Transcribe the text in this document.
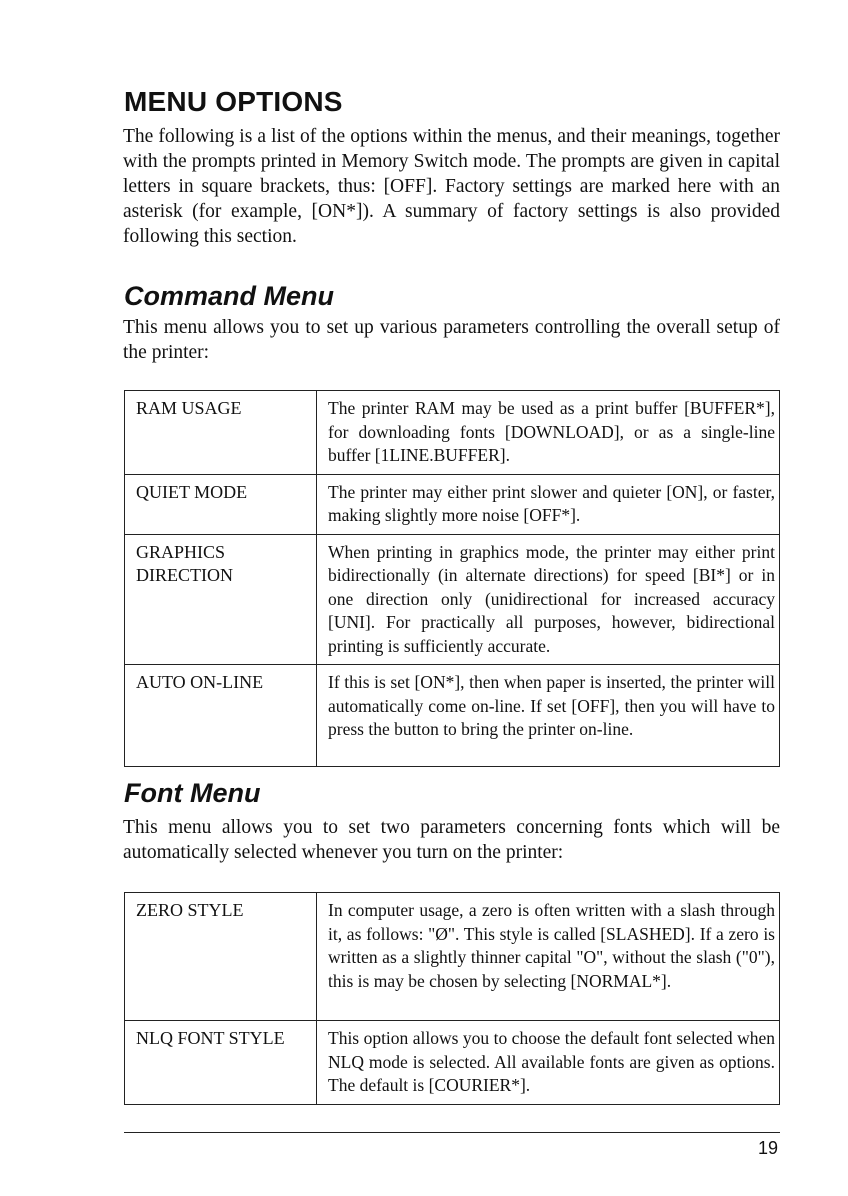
MENU OPTIONS

The following is a list of the options within the menus, and their meanings, together with the prompts printed in Memory Switch mode. The prompts are given in capital letters in square brackets, thus: [OFF]. Factory settings are marked here with an asterisk (for example, [ON*]). A summary of factory settings is also provided following this section.

Command Menu

This menu allows you to set up various parameters controlling the overall setup of the printer:

RAM USAGE	The printer RAM may be used as a print buffer [BUFFER*], for downloading fonts [DOWNLOAD], or as a single-line buffer [1LINE.BUFFER].
QUIET MODE	The printer may either print slower and quieter [ON], or faster, making slightly more noise [OFF*].
GRAPHICS DIRECTION	When printing in graphics mode, the printer may either print bidirectionally (in alternate directions) for speed [BI*] or in one direction only (unidirectional for increased accuracy [UNI]. For practically all purposes, however, bidirectional printing is sufficiently accurate.
AUTO ON-LINE	If this is set [ON*], then when paper is inserted, the printer will automatically come on-line. If set [OFF], then you will have to press the button to bring the printer on-line.
Font Menu

This menu allows you to set two parameters concerning fonts which will be automatically selected whenever you turn on the printer:

ZERO STYLE	In computer usage, a zero is often written with a slash through it, as follows: "Ø". This style is called [SLASHED]. If a zero is written as a slightly thinner capital "O", without the slash ("0"), this is may be chosen by selecting [NORMAL*].
NLQ FONT STYLE	This option allows you to choose the default font selected when NLQ mode is selected. All available fonts are given as options. The default is [COURIER*].
19
